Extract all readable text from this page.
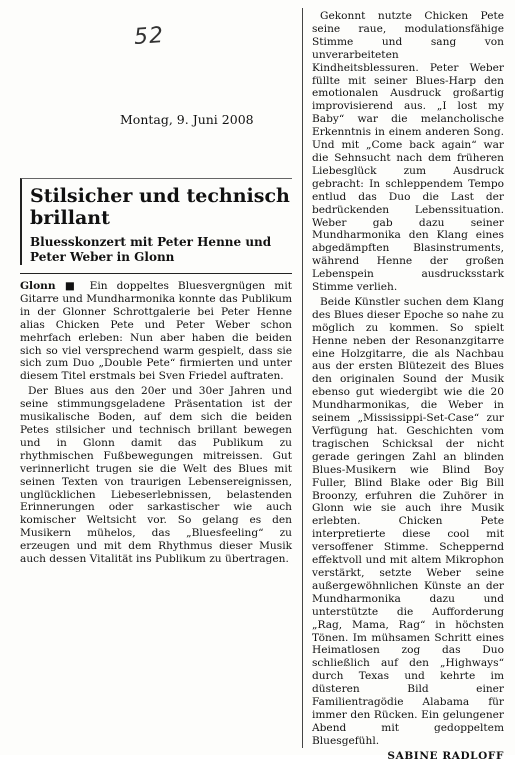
52
Montag, 9. Juni 2008
Stilsicher und technisch brillant

Bluesskonzert mit Peter Henne und Peter Weber in Glonn

Glonn ■ Ein doppeltes Bluesvergnügen mit Gitarre und Mundharmonika konnte das Publikum in der Glonner Schrottgalerie bei Peter Henne alias Chicken Pete und Peter Weber schon mehrfach erleben: Nun aber haben die beiden sich so viel versprechend warm gespielt, dass sie sich zum Duo „Double Pete“ firmierten und unter diesem Titel erstmals bei Sven Friedel auftraten.

Der Blues aus den 20er und 30er Jahren und seine stimmungsgeladene Präsentation ist der musikalische Boden, auf dem sich die beiden Petes stilsicher und technisch brillant bewegen und in Glonn damit das Publikum zu rhythmischen Fußbewegungen mitreissen. Gut verinnerlicht trugen sie die Welt des Blues mit seinen Texten von traurigen Lebensereignissen, unglücklichen Liebeserlebnissen, belastenden Erinnerungen oder sarkastischer wie auch komischer Weltsicht vor. So gelang es den Musikern mühelos, das „Bluesfeeling“ zu erzeugen und mit dem Rhythmus dieser Musik auch dessen Vitalität ins Publikum zu übertragen.

Gekonnt nutzte Chicken Pete seine raue, modulationsfähige Stimme und sang von unverarbeiteten Kindheitsblessuren. Peter Weber füllte mit seiner Blues-Harp den emotionalen Ausdruck großartig improvisierend aus. „I lost my Baby“ war die melancholische Erkenntnis in einem anderen Song. Und mit „Come back again“ war die Sehnsucht nach dem früheren Liebesglück zum Ausdruck gebracht: In schleppendem Tempo entlud das Duo die Last der bedrückenden Lebenssituation. Weber gab dazu seiner Mundharmonika den Klang eines abgedämpften Blasinstruments, während Henne der großen Lebenspein ausdrucksstark Stimme verlieh.

Beide Künstler suchen dem Klang des Blues dieser Epoche so nahe zu möglich zu kommen. So spielt Henne neben der Resonanzgitarre eine Holzgitarre, die als Nachbau aus der ersten Blütezeit des Blues den originalen Sound der Musik ebenso gut wiedergibt wie die 20 Mundharmonikas, die Weber in seinem „Mississippi-Set-Case“ zur Verfügung hat. Geschichten vom tragischen Schicksal der nicht gerade geringen Zahl an blinden Blues-Musikern wie Blind Boy Fuller, Blind Blake oder Big Bill Broonzy, erfuhren die Zuhörer in Glonn wie sie auch ihre Musik erlebten. Chicken Pete interpretierte diese cool mit versoffener Stimme. Scheppernd effektvoll und mit altem Mikrophon verstärkt, setzte Weber seine außergewöhnlichen Künste an der Mundharmonika dazu und unterstützte die Aufforderung „Rag, Mama, Rag“ in höchsten Tönen. Im mühsamen Schritt eines Heimatlosen zog das Duo schließlich auf den „Highways“ durch Texas und kehrte im düsteren Bild einer Familientragödie Alabama für immer den Rücken. Ein gelungener Abend mit gedoppeltem Bluesgefühl.

SABINE RADLOFF
